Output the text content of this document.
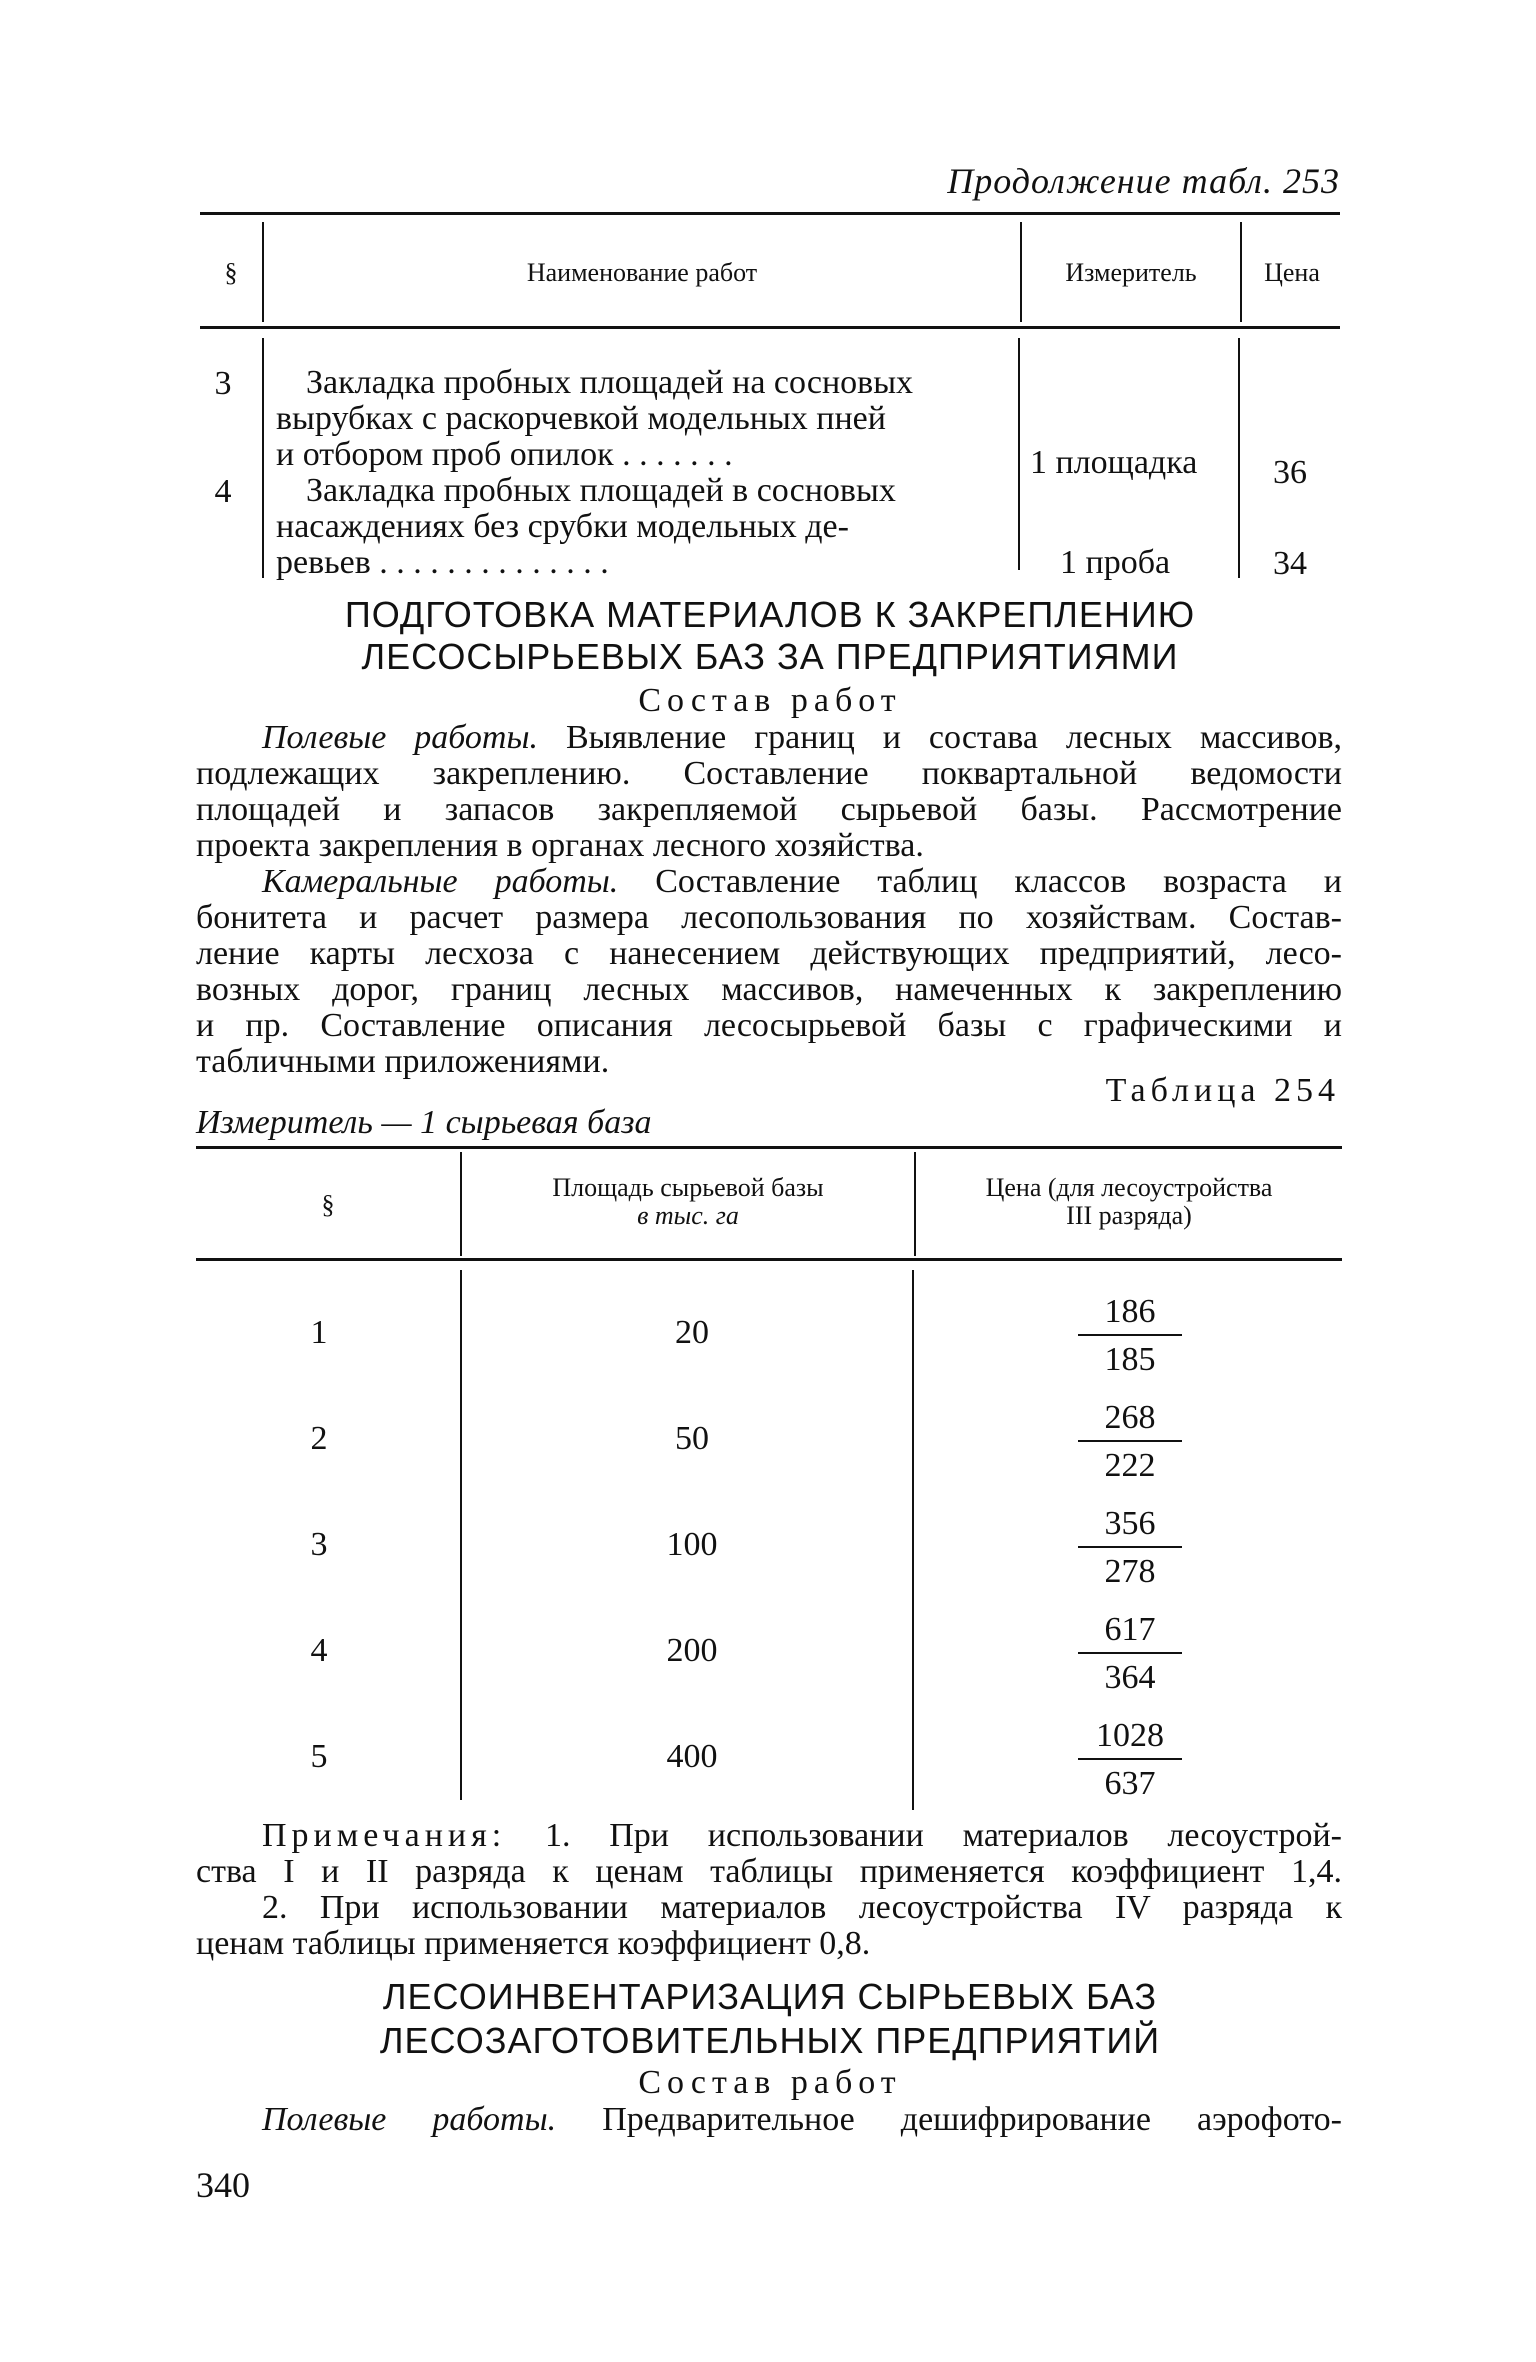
Продолжение табл. 253
§	Наименование работ	Измеритель	Цена
3	Закладка пробных площадей на сосновых
вырубках с раскорчевкой модельных пней
и отбором проб опилок . . . . . . .	1 площадка	36
4	Закладка пробных площадей в сосновых
насаждениях без срубки модельных де-
ревьев . . . . . . . . . . . . . .	1 проба	34
ПОДГОТОВКА МАТЕРИАЛОВ К ЗАКРЕПЛЕНИЮ
ЛЕСОСЫРЬЕВЫХ БАЗ ЗА ПРЕДПРИЯТИЯМИ
Состав работ
Полевые работы. Выявление границ и состава лесных массивов,
подлежащих закреплению. Составление поквартальной ведомости
площадей и запасов закрепляемой сырьевой базы. Рассмотрение
проекта закрепления в органах лесного хозяйства.
Камеральные работы. Составление таблиц классов возраста и
бонитета и расчет размера лесопользования по хозяйствам. Состав-
ление карты лесхоза с нанесением действующих предприятий, лесо-
возных дорог, границ лесных массивов, намеченных к закреплению
и пр. Составление описания лесосырьевой базы с графическими и
табличными приложениями.
Таблица 254
Измеритель — 1 сырьевая база
§
Площадь сырьевой базы
в тыс. га
Цена (для лесоустройства
III разряда)
1	20
186
185
2	50
268
222
3	100
356
278
4	200
617
364
5	400
1028
637
Примечания: 1. При использовании материалов лесоустрой-
ства I и II разряда к ценам таблицы применяется коэффициент 1,4.
2. При использовании материалов лесоустройства IV разряда к
ценам таблицы применяется коэффициент 0,8.
ЛЕСОИНВЕНТАРИЗАЦИЯ СЫРЬЕВЫХ БАЗ
ЛЕСОЗАГОТОВИТЕЛЬНЫХ ПРЕДПРИЯТИЙ
Состав работ
Полевые работы. Предварительное дешифрирование аэрофото-
340
